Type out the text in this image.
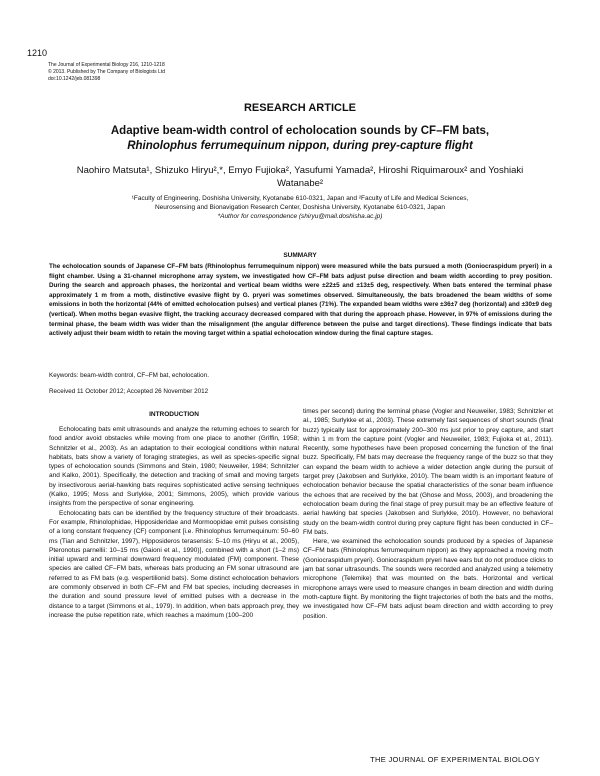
1210
The Journal of Experimental Biology 216, 1210-1218
© 2013. Published by The Company of Biologists Ltd
doi:10.1242/jeb.081398
RESEARCH ARTICLE
Adaptive beam-width control of echolocation sounds by CF–FM bats,
Rhinolophus ferrumequinum nippon, during prey-capture flight
Naohiro Matsuta¹, Shizuko Hiryu²,*, Emyo Fujioka², Yasufumi Yamada², Hiroshi Riquimaroux² and Yoshiaki Watanabe²
¹Faculty of Engineering, Doshisha University, Kyotanabe 610-0321, Japan and ²Faculty of Life and Medical Sciences,
Neurosensing and Bionavigation Research Center, Doshisha University, Kyotanabe 610-0321, Japan
*Author for correspondence (shiryu@mail.doshisha.ac.jp)
SUMMARY
The echolocation sounds of Japanese CF–FM bats (Rhinolophus ferrumequinum nippon) were measured while the bats pursued a moth (Goniocraspidum pryeri) in a flight chamber. Using a 31-channel microphone array system, we investigated how CF–FM bats adjust pulse direction and beam width according to prey position. During the search and approach phases, the horizontal and vertical beam widths were ±22±5 and ±13±5 deg, respectively. When bats entered the terminal phase approximately 1 m from a moth, distinctive evasive flight by G. pryeri was sometimes observed. Simultaneously, the bats broadened the beam widths of some emissions in both the horizontal (44% of emitted echolocation pulses) and vertical planes (71%). The expanded beam widths were ±36±7 deg (horizontal) and ±30±9 deg (vertical). When moths began evasive flight, the tracking accuracy decreased compared with that during the approach phase. However, in 97% of emissions during the terminal phase, the beam width was wider than the misalignment (the angular difference between the pulse and target directions). These findings indicate that bats actively adjust their beam width to retain the moving target within a spatial echolocation window during the final capture stages.
Keywords: beam-width control, CF–FM bat, echolocation.
Received 11 October 2012; Accepted 26 November 2012
INTRODUCTION

Echolocating bats emit ultrasounds and analyze the returning echoes to search for food and/or avoid obstacles while moving from one place to another (Griffin, 1958; Schnitzler et al., 2003). As an adaptation to their ecological conditions within natural habitats, bats show a variety of foraging strategies, as well as species-specific signal types of echolocation sounds (Simmons and Stein, 1980; Neuweiler, 1984; Schnitzler and Kalko, 2001). Specifically, the detection and tracking of small and moving targets by insectivorous aerial-hawking bats requires sophisticated active sensing techniques (Kalko, 1995; Moss and Surlykke, 2001; Simmons, 2005), which provide various insights from the perspective of sonar engineering.

Echolocating bats can be identified by the frequency structure of their broadcasts. For example, Rhinolophidae, Hipposideridae and Mormoopidae emit pulses consisting of a long constant frequency (CF) component [i.e. Rhinolophus ferrumequinum: 50–60 ms (Tian and Schnitzler, 1997), Hipposideros terasensis: 5–10 ms (Hiryu et al., 2005), Pteronotus parnellii: 10–15 ms (Gaioni et al., 1990)], combined with a short (1–2 ms) initial upward and terminal downward frequency modulated (FM) component. These species are called CF–FM bats, whereas bats producing an FM sonar ultrasound are referred to as FM bats (e.g. vespertilionid bats). Some distinct echolocation behaviors are commonly observed in both CF–FM and FM bat species, including decreases in the duration and sound pressure level of emitted pulses with a decrease in the distance to a target (Simmons et al., 1979). In addition, when bats approach prey, they increase the pulse repetition rate, which reaches a maximum (100–200

times per second) during the terminal phase (Vogler and Neuweiler, 1983; Schnitzler et al., 1985; Surlykke et al., 2003). These extremely fast sequences of short sounds (final buzz) typically last for approximately 200–300 ms just prior to prey capture, and start within 1 m from the capture point (Vogler and Neuweiler, 1983; Fujioka et al., 2011). Recently, some hypotheses have been proposed concerning the function of the final buzz. Specifically, FM bats may decrease the frequency range of the buzz so that they can expand the beam width to achieve a wider detection angle during the pursuit of target prey (Jakobsen and Surlykke, 2010). The beam width is an important feature of echolocation behavior because the spatial characteristics of the sonar beam influence the echoes that are received by the bat (Ghose and Moss, 2003), and broadening the echolocation beam during the final stage of prey pursuit may be an effective feature of aerial hawking bat species (Jakobsen and Surlykke, 2010). However, no behavioral study on the beam-width control during prey capture flight has been conducted in CF–FM bats.

Here, we examined the echolocation sounds produced by a species of Japanese CF–FM bats (Rhinolophus ferrumequinum nippon) as they approached a moving moth (Goniocraspidum pryeri). Goniocraspidum pryeri have ears but do not produce clicks to jam bat sonar ultrasounds. The sounds were recorded and analyzed using a telemetry microphone (Telemike) that was mounted on the bats. Horizontal and vertical microphone arrays were used to measure changes in beam direction and width during moth-capture flight. By monitoring the flight trajectories of both the bats and the moths, we investigated how CF–FM bats adjust beam direction and width according to prey position.

THE JOURNAL OF EXPERIMENTAL BIOLOGY
